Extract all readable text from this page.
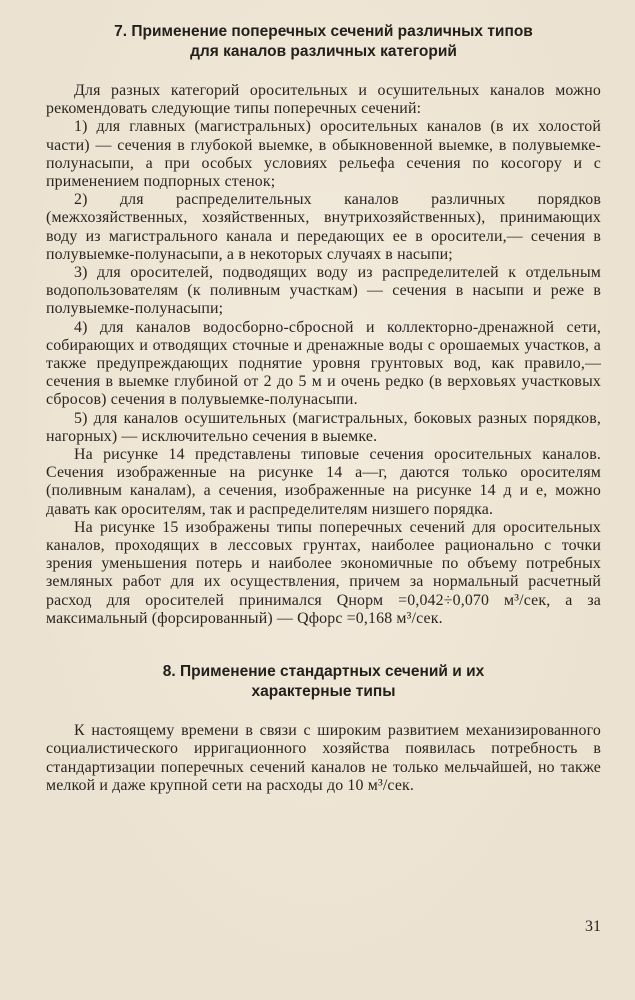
7. Применение поперечных сечений различных типов
для каналов различных категорий

Для разных категорий оросительных и осушительных каналов можно рекомендовать следующие типы поперечных сечений:

1) для главных (магистральных) оросительных каналов (в их холостой части) — сечения в глубокой выемке, в обыкновенной выемке, в полувыемке-полунасыпи, а при особых условиях рельефа сечения по косогору и с применением подпорных стенок;

2) для распределительных каналов различных порядков (межхозяйственных, хозяйственных, внутрихозяйственных), принимающих воду из магистрального канала и передающих ее в оросители,— сечения в полувыемке-полунасыпи, а в некоторых случаях в насыпи;

3) для оросителей, подводящих воду из распределителей к отдельным водопользователям (к поливным участкам) — сечения в насыпи и реже в полувыемке-полунасыпи;

4) для каналов водосборно-сбросной и коллекторно-дренажной сети, собирающих и отводящих сточные и дренажные воды с орошаемых участков, а также предупреждающих поднятие уровня грунтовых вод, как правило,— сечения в выемке глубиной от 2 до 5 м и очень редко (в верховьях участковых сбросов) сечения в полувыемке-полунасыпи.

5) для каналов осушительных (магистральных, боковых разных порядков, нагорных) — исключительно сечения в выемке.

На рисунке 14 представлены типовые сечения оросительных каналов. Сечения изображенные на рисунке 14 а—г, даются только оросителям (поливным каналам), а сечения, изображенные на рисунке 14 д и е, можно давать как оросителям, так и распределителям низшего порядка.

На рисунке 15 изображены типы поперечных сечений для оросительных каналов, проходящих в лессовых грунтах, наиболее рационально с точки зрения уменьшения потерь и наиболее экономичные по объему потребных земляных работ для их осуществления, причем за нормальный расчетный расход для оросителей принимался Qнорм =0,042÷0,070 м³/сек, а за максимальный (форсированный) — Qфорс =0,168 м³/сек.

8. Применение стандартных сечений и их
характерные типы

К настоящему времени в связи с широким развитием механизированного социалистического ирригационного хозяйства появилась потребность в стандартизации поперечных сечений каналов не только мельчайшей, но также мелкой и даже крупной сети на расходы до 10 м³/сек.

31
